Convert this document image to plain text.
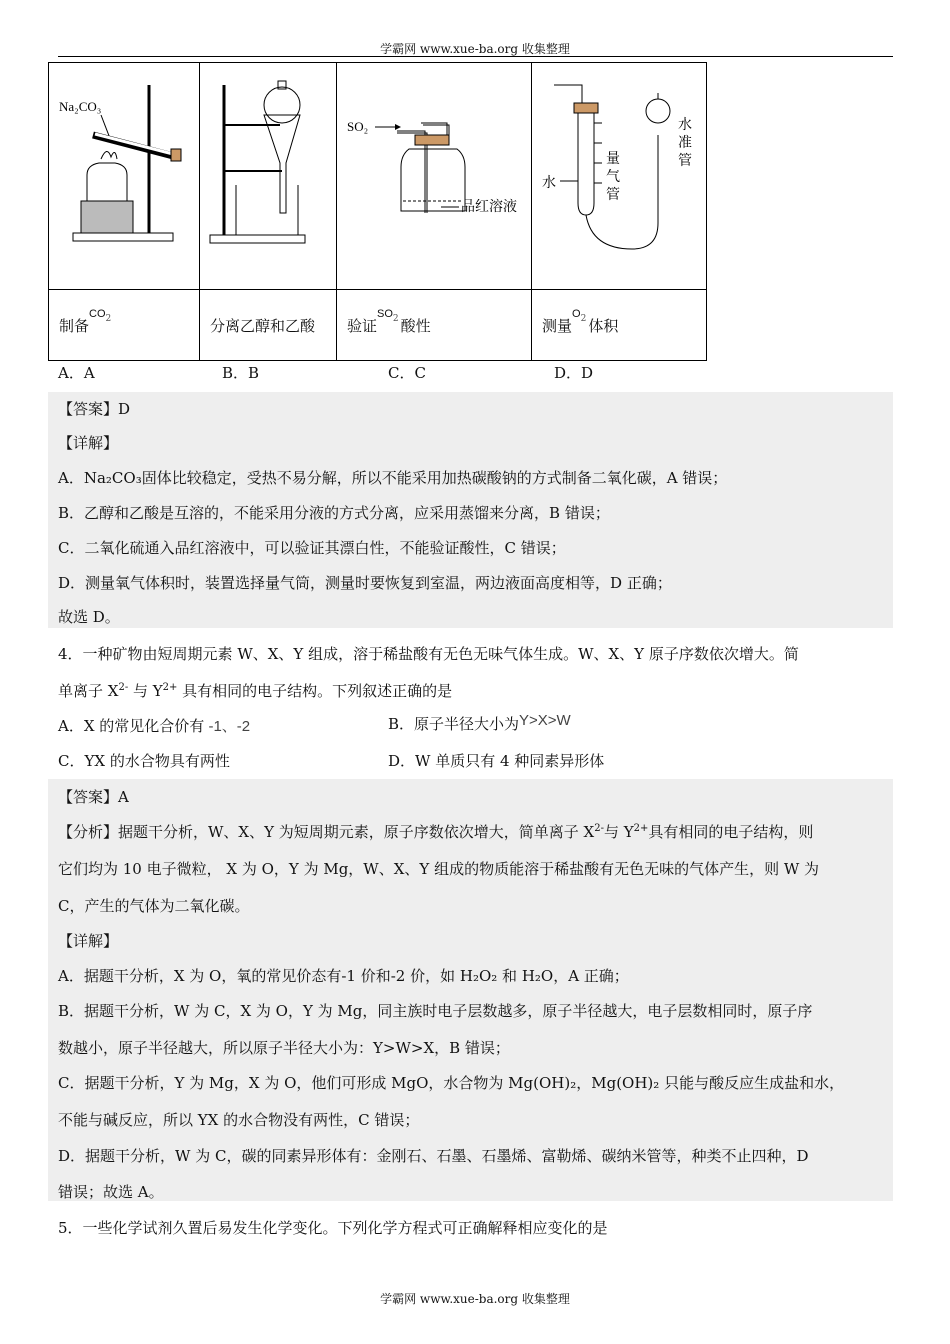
学霸网 www.xue-ba.org 收集整理
Na₂CO₃		SO₂
品红溶液	水
量气管
水准管

制备$^{CO2}$	分离乙醇和乙酸	验证$^{SO2}$ 酸性	测量$^{O2}$ 体积
A．A	B．B	C．C	D．D
【答案】D
【详解】
A．Na₂CO₃固体比较稳定，受热不易分解，所以不能采用加热碳酸钠的方式制备二氧化碳，A 错误；
B．乙醇和乙酸是互溶的，不能采用分液的方式分离，应采用蒸馏来分离，B 错误；
C．二氧化硫通入品红溶液中，可以验证其漂白性，不能验证酸性，C 错误；
D．测量氧气体积时，装置选择量气筒，测量时要恢复到室温，两边液面高度相等，D 正确；
故选 D。
4．一种矿物由短周期元素 W、X、Y 组成，溶于稀盐酸有无色无味气体生成。W、X、Y 原子序数依次增大。简
单离子 $X^{2-}$ 与 $Y^{2+}$ 具有相同的电子结构。下列叙述正确的是
A．X 的常见化合价有 -1、-2	B．原子半径大小为Y>X>W
C．YX 的水合物具有两性	D．W 单质只有 4 种同素异形体
【答案】A
【分析】据题干分析，W、X、Y 为短周期元素，原子序数依次增大，简单离子 $X^{2-}$与 $Y^{2+}$具有相同的电子结构，则
它们均为 10 电子微粒， X 为 O，Y 为 Mg，W、X、Y 组成的物质能溶于稀盐酸有无色无味的气体产生，则 W 为
C，产生的气体为二氧化碳。
【详解】
A．据题干分析，X 为 O，氧的常见价态有-1 价和-2 价，如 H₂O₂ 和 H₂O，A 正确；
B．据题干分析，W 为 C，X 为 O，Y 为 Mg，同主族时电子层数越多，原子半径越大，电子层数相同时，原子序
数越小，原子半径越大，所以原子半径大小为：Y>W>X，B 错误；
C．据题干分析，Y 为 Mg，X 为 O，他们可形成 MgO，水合物为 Mg(OH)₂，Mg(OH)₂ 只能与酸反应生成盐和水，
不能与碱反应，所以 YX 的水合物没有两性，C 错误；
D．据题干分析，W 为 C，碳的同素异形体有：金刚石、石墨、石墨烯、富勒烯、碳纳米管等，种类不止四种，D
错误；故选 A。
5．一些化学试剂久置后易发生化学变化。下列化学方程式可正确解释相应变化的是
学霸网 www.xue-ba.org 收集整理
